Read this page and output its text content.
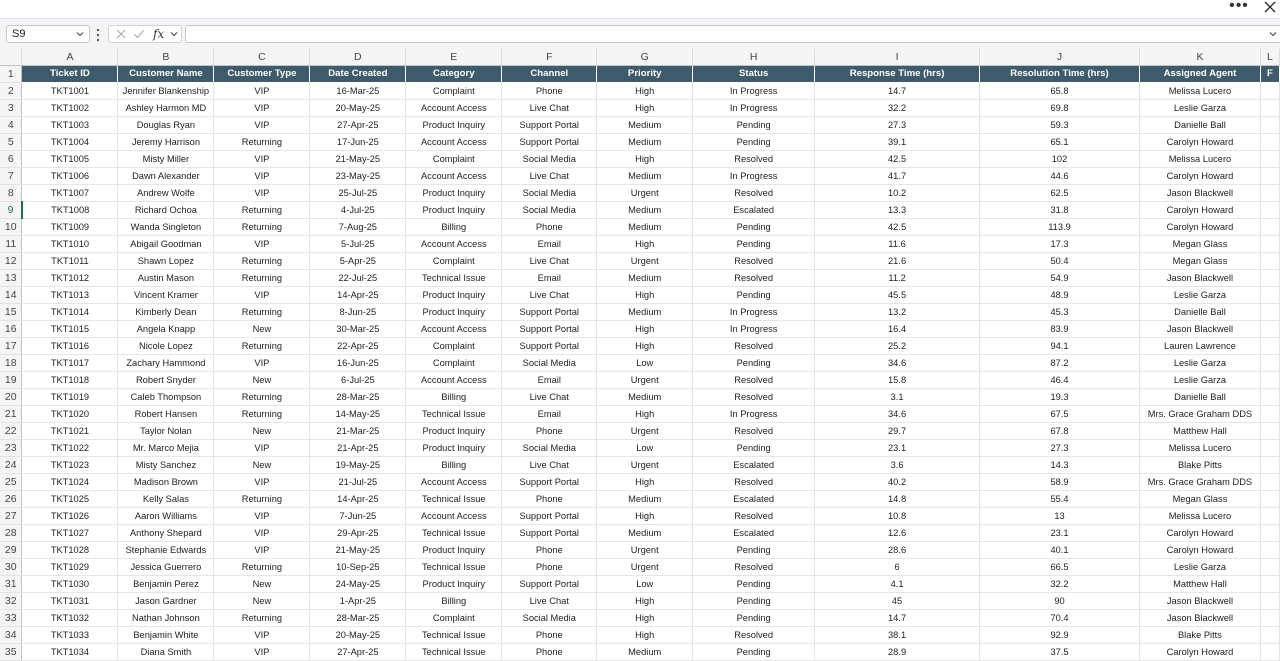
•••
S9	fx
	A	B	C	D	E	F	G	H	I	J	K	L
1	Ticket ID	Customer Name	Customer Type	Date Created	Category	Channel	Priority	Status	Response Time (hrs)	Resolution Time (hrs)	Assigned Agent	F
2	TKT1001	Jennifer Blankenship	VIP	16-Mar-25	Complaint	Phone	High	In Progress	14.7	65.8	Melissa Lucero	
3	TKT1002	Ashley Harmon MD	VIP	20-May-25	Account Access	Live Chat	High	In Progress	32.2	69.8	Leslie Garza	
4	TKT1003	Douglas Ryan	VIP	27-Apr-25	Product Inquiry	Support Portal	Medium	Pending	27.3	59.3	Danielle Ball	
5	TKT1004	Jeremy Harrison	Returning	17-Jun-25	Account Access	Support Portal	Medium	Pending	39.1	65.1	Carolyn Howard	
6	TKT1005	Misty Miller	VIP	21-May-25	Complaint	Social Media	High	Resolved	42.5	102	Melissa Lucero	
7	TKT1006	Dawn Alexander	VIP	23-May-25	Account Access	Live Chat	Medium	In Progress	41.7	44.6	Carolyn Howard	
8	TKT1007	Andrew Wolfe	VIP	25-Jul-25	Product Inquiry	Social Media	Urgent	Resolved	10.2	62.5	Jason Blackwell	
9	TKT1008	Richard Ochoa	Returning	4-Jul-25	Product Inquiry	Social Media	Medium	Escalated	13.3	31.8	Carolyn Howard	
10	TKT1009	Wanda Singleton	Returning	7-Aug-25	Billing	Phone	Medium	Pending	42.5	113.9	Carolyn Howard	
11	TKT1010	Abigail Goodman	VIP	5-Jul-25	Account Access	Email	High	Pending	11.6	17.3	Megan Glass	
12	TKT1011	Shawn Lopez	Returning	5-Apr-25	Complaint	Live Chat	Urgent	Resolved	21.6	50.4	Megan Glass	
13	TKT1012	Austin Mason	Returning	22-Jul-25	Technical Issue	Email	Medium	Resolved	11.2	54.9	Jason Blackwell	
14	TKT1013	Vincent Kramer	VIP	14-Apr-25	Product Inquiry	Live Chat	High	Pending	45.5	48.9	Leslie Garza	
15	TKT1014	Kimberly Dean	Returning	8-Jun-25	Product Inquiry	Support Portal	Medium	In Progress	13.2	45.3	Danielle Ball	
16	TKT1015	Angela Knapp	New	30-Mar-25	Account Access	Support Portal	High	In Progress	16.4	83.9	Jason Blackwell	
17	TKT1016	Nicole Lopez	Returning	22-Apr-25	Complaint	Support Portal	High	Resolved	25.2	94.1	Lauren Lawrence	
18	TKT1017	Zachary Hammond	VIP	16-Jun-25	Complaint	Social Media	Low	Pending	34.6	87.2	Leslie Garza	
19	TKT1018	Robert Snyder	New	6-Jul-25	Account Access	Email	Urgent	Resolved	15.8	46.4	Leslie Garza	
20	TKT1019	Caleb Thompson	Returning	28-Mar-25	Billing	Live Chat	Medium	Resolved	3.1	19.3	Danielle Ball	
21	TKT1020	Robert Hansen	Returning	14-May-25	Technical Issue	Email	High	In Progress	34.6	67.5	Mrs. Grace Graham DDS	
22	TKT1021	Taylor Nolan	New	21-Mar-25	Product Inquiry	Phone	Urgent	Resolved	29.7	67.8	Matthew Hall	
23	TKT1022	Mr. Marco Mejia	VIP	21-Apr-25	Product Inquiry	Social Media	Low	Pending	23.1	27.3	Melissa Lucero	
24	TKT1023	Misty Sanchez	New	19-May-25	Billing	Live Chat	Urgent	Escalated	3.6	14.3	Blake Pitts	
25	TKT1024	Madison Brown	VIP	21-Jul-25	Account Access	Support Portal	High	Resolved	40.2	58.9	Mrs. Grace Graham DDS	
26	TKT1025	Kelly Salas	Returning	14-Apr-25	Technical Issue	Phone	Medium	Escalated	14.8	55.4	Megan Glass	
27	TKT1026	Aaron Williams	VIP	7-Jun-25	Account Access	Support Portal	High	Resolved	10.8	13	Melissa Lucero	
28	TKT1027	Anthony Shepard	VIP	29-Apr-25	Technical Issue	Support Portal	Medium	Escalated	12.6	23.1	Carolyn Howard	
29	TKT1028	Stephanie Edwards	VIP	21-May-25	Product Inquiry	Phone	Urgent	Pending	28.6	40.1	Carolyn Howard	
30	TKT1029	Jessica Guerrero	Returning	10-Sep-25	Technical Issue	Phone	Urgent	Resolved	6	66.5	Leslie Garza	
31	TKT1030	Benjamin Perez	New	24-May-25	Product Inquiry	Support Portal	Low	Pending	4.1	32.2	Matthew Hall	
32	TKT1031	Jason Gardner	New	1-Apr-25	Billing	Live Chat	High	Pending	45	90	Jason Blackwell	
33	TKT1032	Nathan Johnson	Returning	28-Mar-25	Complaint	Social Media	High	Pending	14.7	70.4	Jason Blackwell	
34	TKT1033	Benjamin White	VIP	20-May-25	Technical Issue	Phone	High	Resolved	38.1	92.9	Blake Pitts	
35	TKT1034	Diana Smith	VIP	27-Apr-25	Technical Issue	Phone	Medium	Pending	28.9	37.5	Carolyn Howard	
